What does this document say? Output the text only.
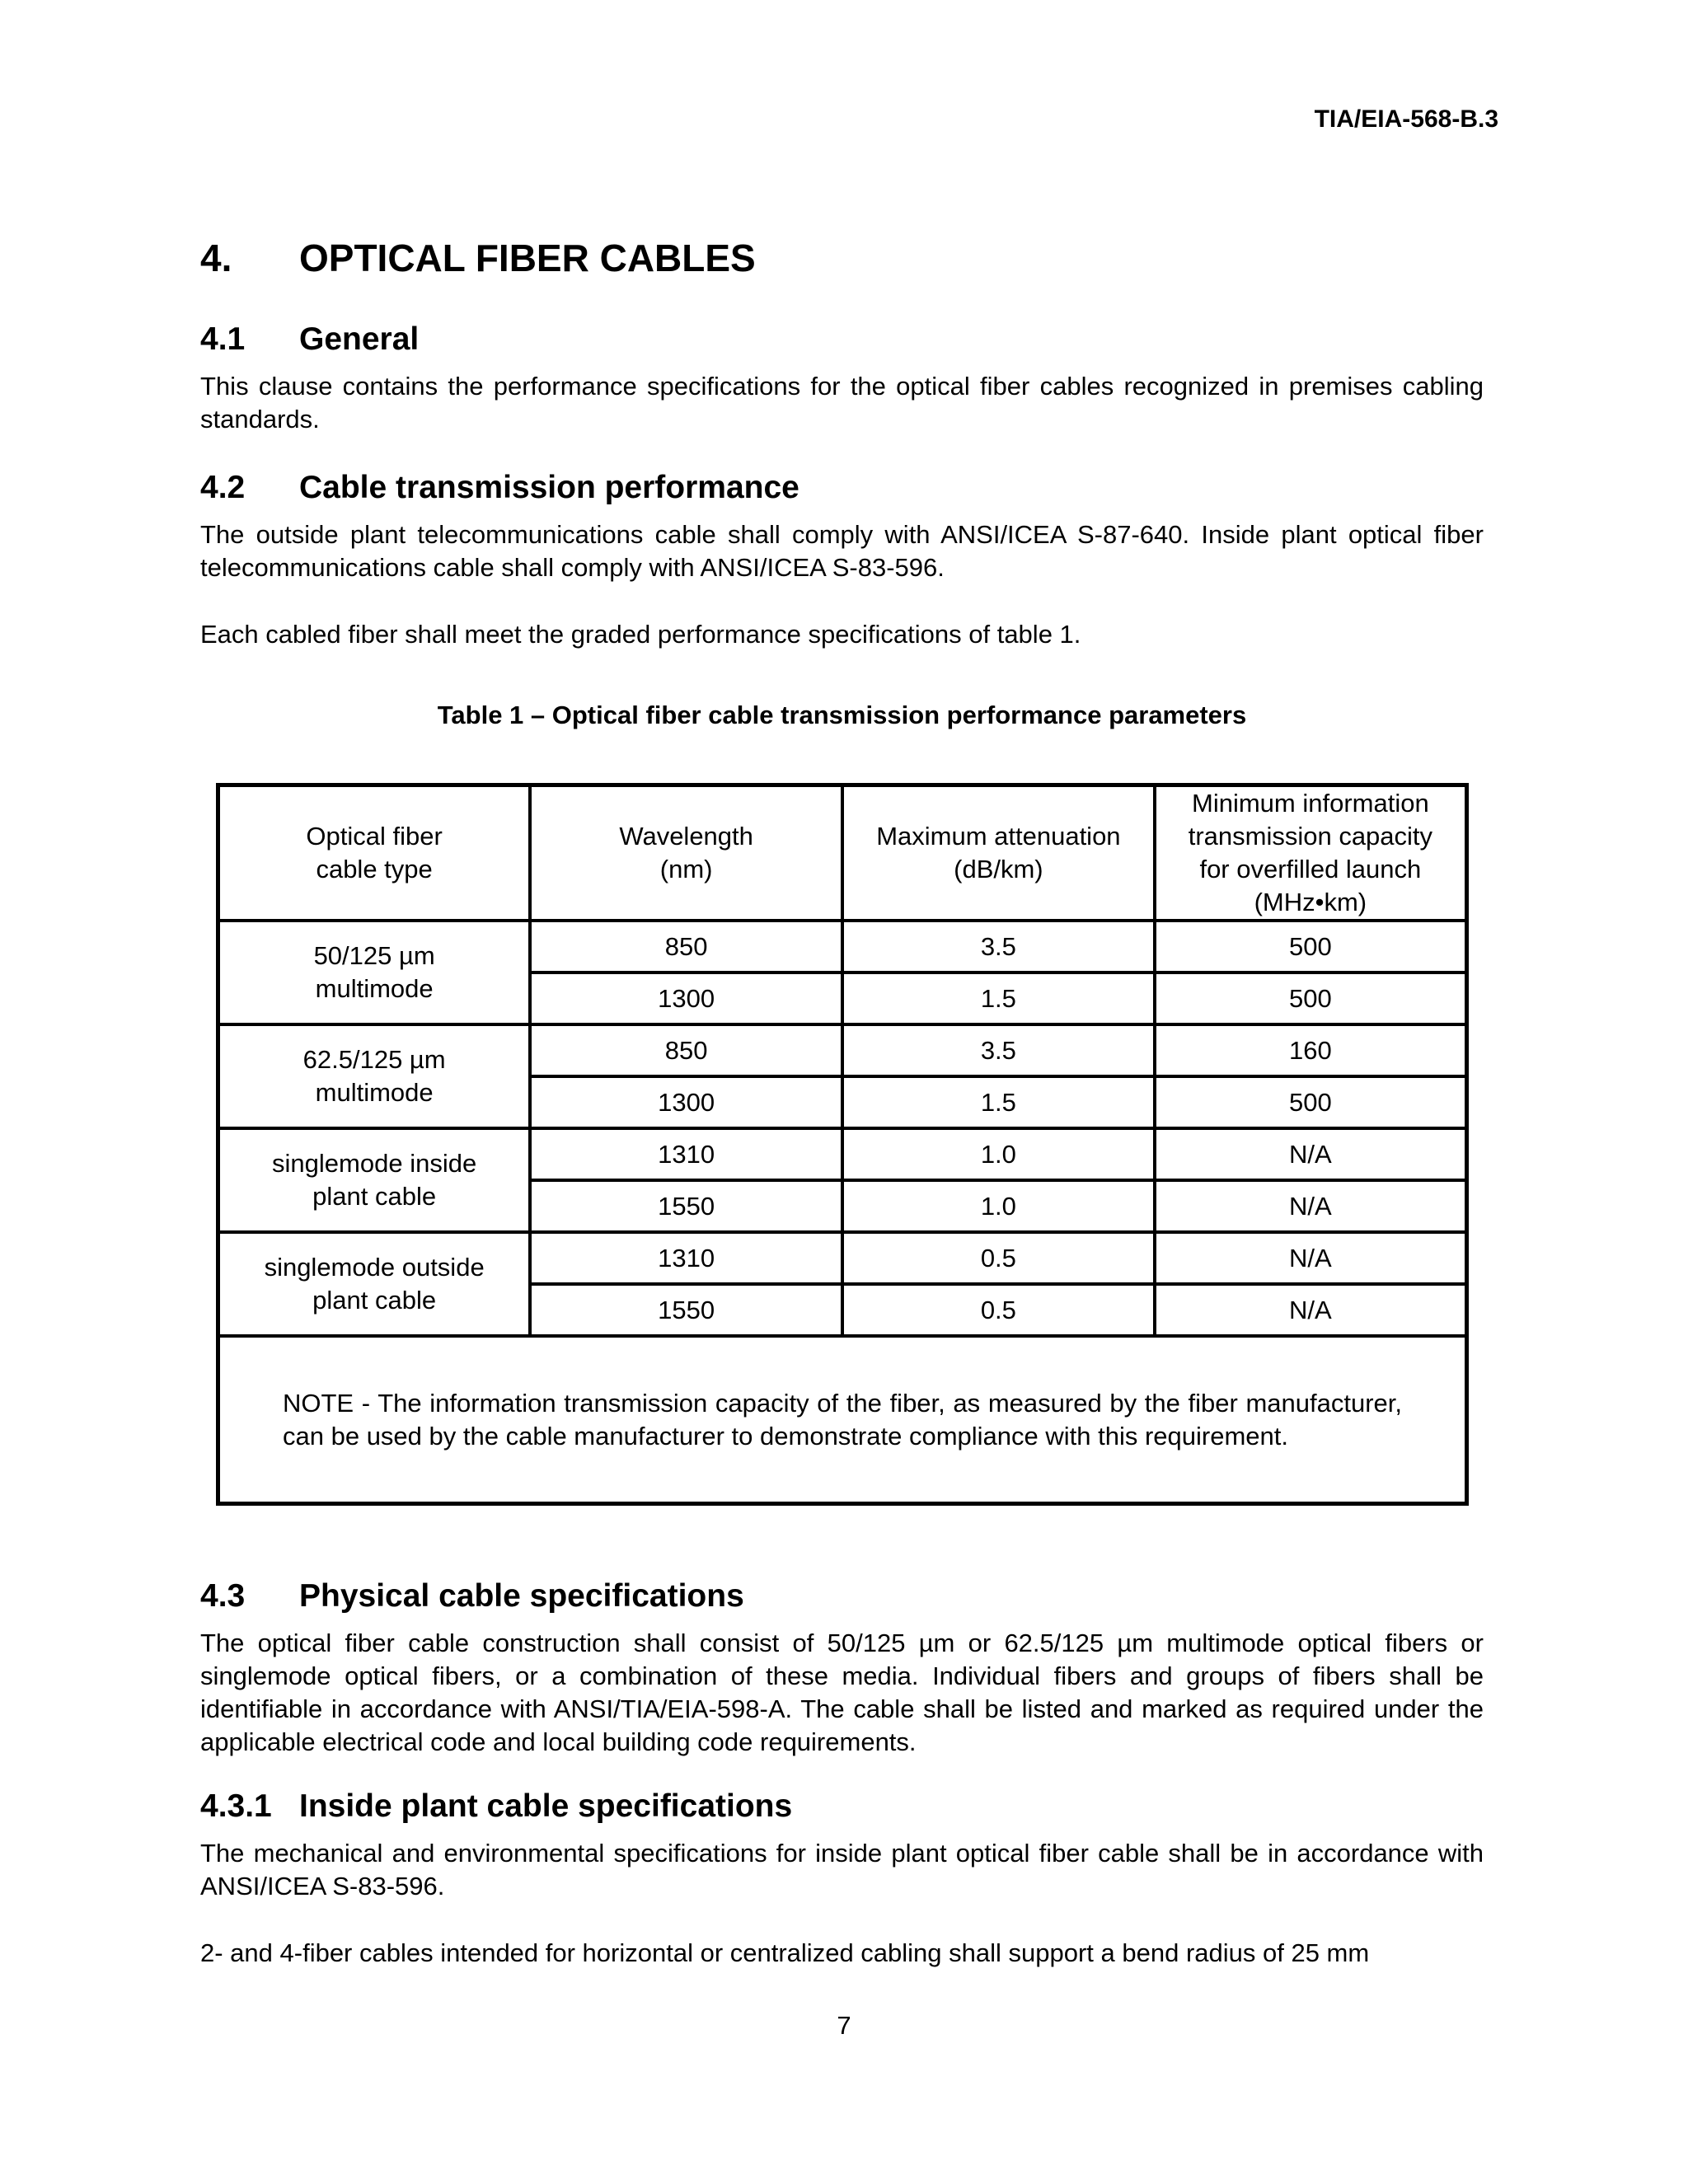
TIA/EIA-568-B.3
4. OPTICAL FIBER CABLES
4.1 General
This clause contains the performance specifications for the optical fiber cables recognized in premises cabling standards.
4.2 Cable transmission performance
The outside plant telecommunications cable shall comply with ANSI/ICEA S-87-640. Inside plant optical fiber telecommunications cable shall comply with ANSI/ICEA S-83-596.
Each cabled fiber shall meet the graded performance specifications of table 1.
Table 1 – Optical fiber cable transmission performance parameters
Optical fiber cable type	Wavelength (nm)	Maximum attenuation (dB/km)	Minimum information transmission capacity for overfilled launch (MHz•km)

50/125 µm multimode	850	3.5	500
	1300	1.5	500

62.5/125 µm multimode	850	3.5	160
	1300	1.5	500

singlemode inside plant cable	1310	1.0	N/A
	1550	1.0	N/A

singlemode outside plant cable	1310	0.5	N/A
	1550	0.5	N/A
NOTE - The information transmission capacity of the fiber, as measured by the fiber manufacturer, can be used by the cable manufacturer to demonstrate compliance with this requirement.			
4.3 Physical cable specifications
The optical fiber cable construction shall consist of 50/125 µm or 62.5/125 µm multimode optical fibers or singlemode optical fibers, or a combination of these media. Individual fibers and groups of fibers shall be identifiable in accordance with ANSI/TIA/EIA-598-A. The cable shall be listed and marked as required under the applicable electrical code and local building code requirements.
4.3.1 Inside plant cable specifications
The mechanical and environmental specifications for inside plant optical fiber cable shall be in accordance with ANSI/ICEA S-83-596.
2- and 4-fiber cables intended for horizontal or centralized cabling shall support a bend radius of 25 mm
7
